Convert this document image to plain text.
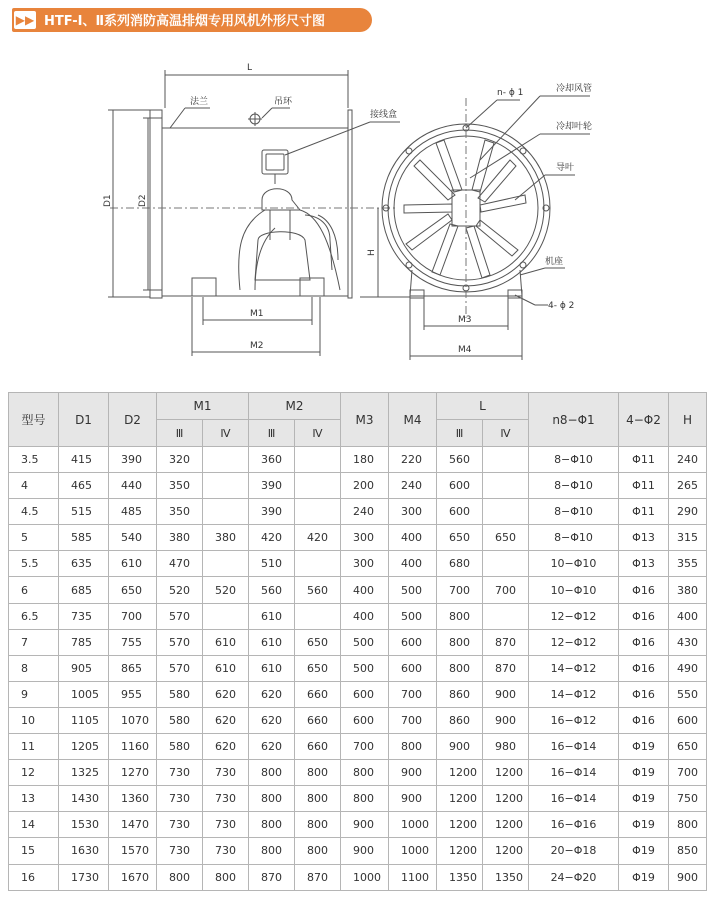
▶▶ HTF-Ⅰ、Ⅱ系列消防高温排烟专用风机外形尺寸图
L
法兰	吊环
接线盒
D1	D2
M1
M2
n- ϕ 1	冷却风管
冷却叶轮
导叶
机座
4- ϕ 2
H
M3
M4
型号	D1	D2	M1		M2		M3	M4	L		n8−Φ1	4−Φ2	H
			Ⅲ	Ⅳ	Ⅲ	Ⅳ			Ⅲ	Ⅳ			
3.5	415	390	320		360		180	220	560		8−Φ10	Φ11	240
4	465	440	350		390		200	240	600		8−Φ10	Φ11	265
4.5	515	485	350		390		240	300	600		8−Φ10	Φ11	290
5	585	540	380	380	420	420	300	400	650	650	8−Φ10	Φ13	315
5.5	635	610	470		510		300	400	680		10−Φ10	Φ13	355
6	685	650	520	520	560	560	400	500	700	700	10−Φ10	Φ16	380
6.5	735	700	570		610		400	500	800		12−Φ12	Φ16	400
7	785	755	570	610	610	650	500	600	800	870	12−Φ12	Φ16	430
8	905	865	570	610	610	650	500	600	800	870	14−Φ12	Φ16	490
9	1005	955	580	620	620	660	600	700	860	900	14−Φ12	Φ16	550
10	1105	1070	580	620	620	660	600	700	860	900	16−Φ12	Φ16	600
11	1205	1160	580	620	620	660	700	800	900	980	16−Φ14	Φ19	650
12	1325	1270	730	730	800	800	800	900	1200	1200	16−Φ14	Φ19	700
13	1430	1360	730	730	800	800	800	900	1200	1200	16−Φ14	Φ19	750
14	1530	1470	730	730	800	800	900	1000	1200	1200	16−Φ16	Φ19	800
15	1630	1570	730	730	800	800	900	1000	1200	1200	20−Φ18	Φ19	850
16	1730	1670	800	800	870	870	1000	1100	1350	1350	24−Φ20	Φ19	900
